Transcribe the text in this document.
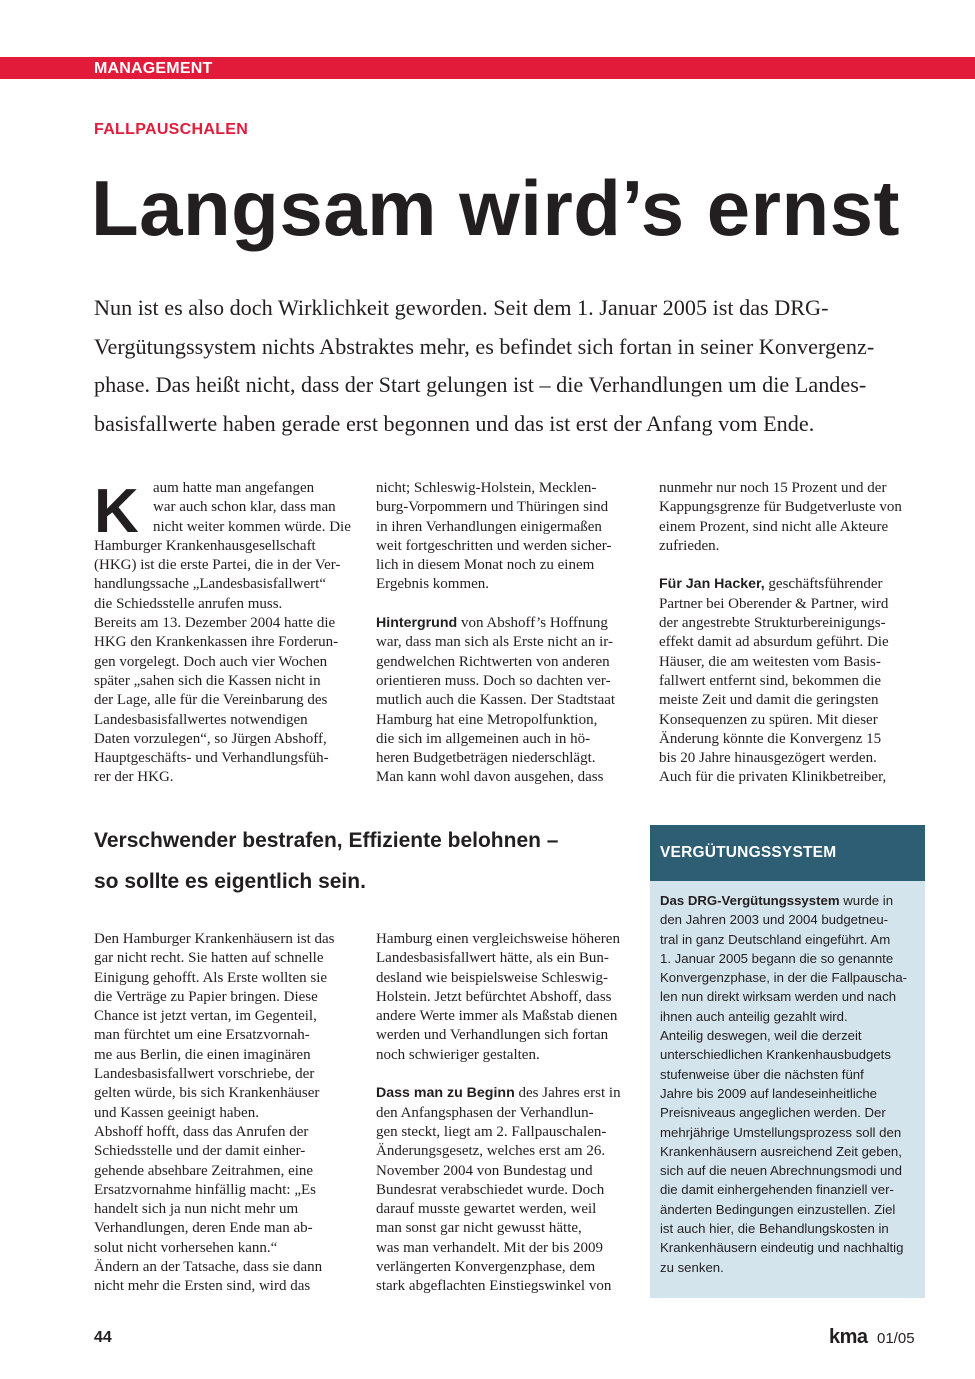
MANAGEMENT
FALLPAUSCHALEN
Langsam wird’s ernst
Nun ist es also doch Wirklichkeit geworden. Seit dem 1. Januar 2005 ist das DRG-
Vergütungssystem nichts Abstraktes mehr, es befindet sich fortan in seiner Konvergenz-
phase. Das heißt nicht, dass der Start gelungen ist – die Verhandlungen um die Landes-
basisfallwerte haben gerade erst begonnen und das ist erst der Anfang vom Ende.
K aum hatte man angefangen
war auch schon klar, dass man
nicht weiter kommen würde. Die
Hamburger Krankenhausgesellschaft
(HKG) ist die erste Partei, die in der Ver-
handlungssache „Landesbasisfallwert“
die Schiedsstelle anrufen muss.
Bereits am 13. Dezember 2004 hatte die
HKG den Krankenkassen ihre Forderun-
gen vorgelegt. Doch auch vier Wochen
später „sahen sich die Kassen nicht in
der Lage, alle für die Vereinbarung des
Landesbasisfallwertes notwendigen
Daten vorzulegen“, so Jürgen Abshoff,
Hauptgeschäfts- und Verhandlungsfüh-
rer der HKG.
nicht; Schleswig-Holstein, Mecklen-
burg-Vorpommern und Thüringen sind
in ihren Verhandlungen einigermaßen
weit fortgeschritten und werden sicher-
lich in diesem Monat noch zu einem
Ergebnis kommen.
Hintergrund von Abshoff’s Hoffnung
war, dass man sich als Erste nicht an ir-
gendwelchen Richtwerten von anderen
orientieren muss. Doch so dachten ver-
mutlich auch die Kassen. Der Stadtstaat
Hamburg hat eine Metropolfunktion,
die sich im allgemeinen auch in hö-
heren Budgetbeträgen niederschlägt.
Man kann wohl davon ausgehen, dass
nunmehr nur noch 15 Prozent und der
Kappungsgrenze für Budgetverluste von
einem Prozent, sind nicht alle Akteure
zufrieden.
Für Jan Hacker, geschäftsführender
Partner bei Oberender & Partner, wird
der angestrebte Strukturbereinigungs-
effekt damit ad absurdum geführt. Die
Häuser, die am weitesten vom Basis-
fallwert entfernt sind, bekommen die
meiste Zeit und damit die geringsten
Konsequenzen zu spüren. Mit dieser
Änderung könnte die Konvergenz 15
bis 20 Jahre hinausgezögert werden.
Auch für die privaten Klinikbetreiber,
Verschwender bestrafen, Effiziente belohnen –
so sollte es eigentlich sein.
Den Hamburger Krankenhäusern ist das
gar nicht recht. Sie hatten auf schnelle
Einigung gehofft. Als Erste wollten sie
die Verträge zu Papier bringen. Diese
Chance ist jetzt vertan, im Gegenteil,
man fürchtet um eine Ersatzvornah-
me aus Berlin, die einen imaginären
Landesbasisfallwert vorschriebe, der
gelten würde, bis sich Krankenhäuser
und Kassen geeinigt haben.
Abshoff hofft, dass das Anrufen der
Schiedsstelle und der damit einher-
gehende absehbare Zeitrahmen, eine
Ersatzvornahme hinfällig macht: „Es
handelt sich ja nun nicht mehr um
Verhandlungen, deren Ende man ab-
solut nicht vorhersehen kann.“
Ändern an der Tatsache, dass sie dann
nicht mehr die Ersten sind, wird das
Hamburg einen vergleichsweise höheren
Landesbasisfallwert hätte, als ein Bun-
desland wie beispielsweise Schleswig-
Holstein. Jetzt befürchtet Abshoff, dass
andere Werte immer als Maßstab dienen
werden und Verhandlungen sich fortan
noch schwieriger gestalten.
Dass man zu Beginn des Jahres erst in
den Anfangsphasen der Verhandlun-
gen steckt, liegt am 2. Fallpauschalen-
Änderungsgesetz, welches erst am 26.
November 2004 von Bundestag und
Bundesrat verabschiedet wurde. Doch
darauf musste gewartet werden, weil
man sonst gar nicht gewusst hätte,
was man verhandelt. Mit der bis 2009
verlängerten Konvergenzphase, dem
stark abgeflachten Einstiegswinkel von
VERGÜTUNGSSYSTEM
Das DRG-Vergütungssystem wurde in
den Jahren 2003 und 2004 budgetneu-
tral in ganz Deutschland eingeführt. Am
1. Januar 2005 begann die so genannte
Konvergenzphase, in der die Fallpauscha-
len nun direkt wirksam werden und nach
ihnen auch anteilig gezahlt wird.
Anteilig deswegen, weil die derzeit
unterschiedlichen Krankenhausbudgets
stufenweise über die nächsten fünf
Jahre bis 2009 auf landeseinheitliche
Preisniveaus angeglichen werden. Der
mehrjährige Umstellungsprozess soll den
Krankenhäusern ausreichend Zeit geben,
sich auf die neuen Abrechnungsmodi und
die damit einhergehenden finanziell ver-
änderten Bedingungen einzustellen. Ziel
ist auch hier, die Behandlungskosten in
Krankenhäusern eindeutig und nachhaltig
zu senken.
44	kma 01/05
